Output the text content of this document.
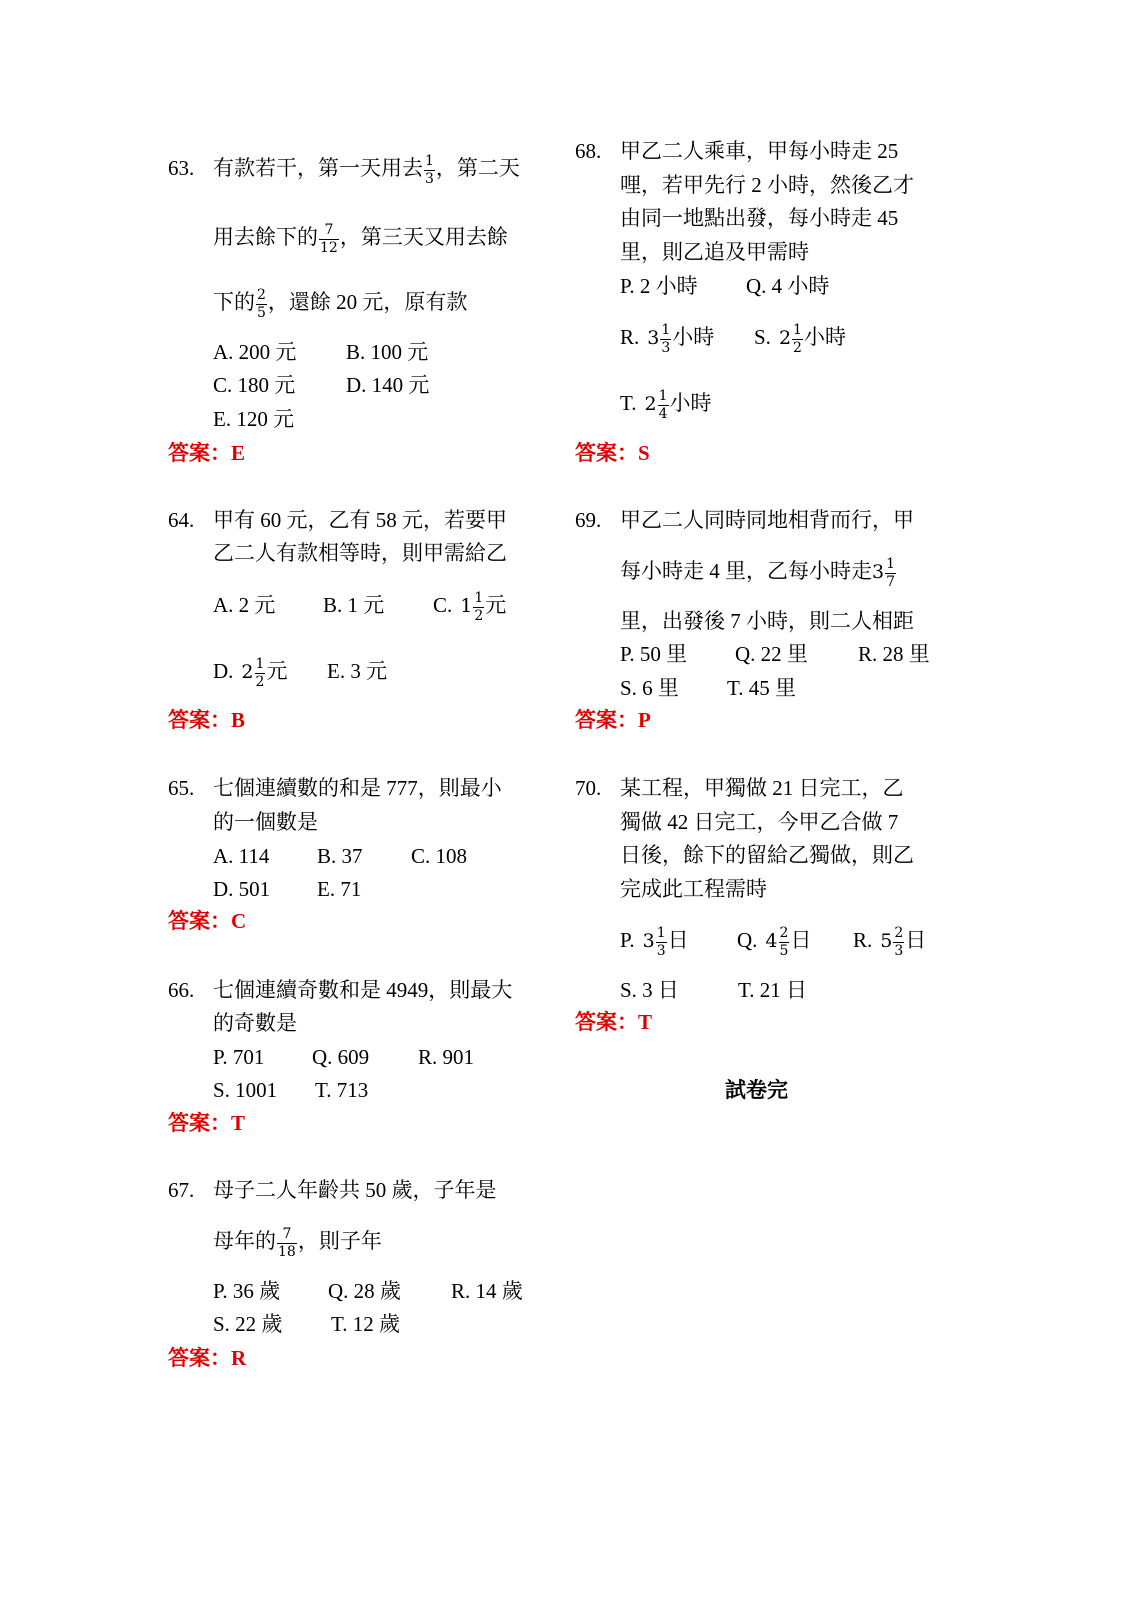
63. 有款若干，第一天用去 $\frac{1}{3}$ ，第二天
用去餘下的 $\frac{7}{12}$ ，第三天又用去餘
下的 $\frac{2}{5}$ ，還餘 20 元，原有款
A. 200 元 B. 100 元
C. 180 元 D. 140 元
E. 120 元
答案：E
64. 甲有 60 元，乙有 58 元，若要甲
乙二人有款相等時，則甲需給乙
A. 2 元 B. 1 元 C. $1 \frac{1}{2}$ 元
D. $2 \frac{1}{2}$ 元 E. 3 元
答案：B
65. 七個連續數的和是 777，則最小
的一個數是
A. 114 B. 37 C. 108
D. 501 E. 71
答案：C
66. 七個連續奇數和是 4949，則最大
的奇數是
P. 701 Q. 609 R. 901
S. 1001 T. 713
答案：T
67. 母子二人年齡共 50 歲，子年是
母年的 $\frac{7}{18}$ ，則子年
P. 36 歲 Q. 28 歲 R. 14 歲
S. 22 歲 T. 12 歲
答案：R
68. 甲乙二人乘車，甲每小時走 25
哩，若甲先行 2 小時，然後乙才
由同一地點出發，每小時走 45
里，則乙追及甲需時
P. 2 小時 Q. 4 小時
R. $3 \frac{1}{3}$ 小時 S. $2 \frac{1}{2}$ 小時
T. $2 \frac{1}{4}$ 小時
答案：S
69. 甲乙二人同時同地相背而行，甲
每小時走 4 里，乙每小時走$3 \frac{1}{7}$
里，出發後 7 小時，則二人相距
P. 50 里 Q. 22 里 R. 28 里
S. 6 里 T. 45 里
答案：P
70. 某工程，甲獨做 21 日完工，乙
獨做 42 日完工，今甲乙合做 7
日後，餘下的留給乙獨做，則乙
完成此工程需時
P. $3 \frac{1}{3}$ 日 Q. $4 \frac{2}{5}$ 日 R. $5 \frac{2}{3}$ 日
S. 3 日	T. 21 日
答案：T
試卷完
